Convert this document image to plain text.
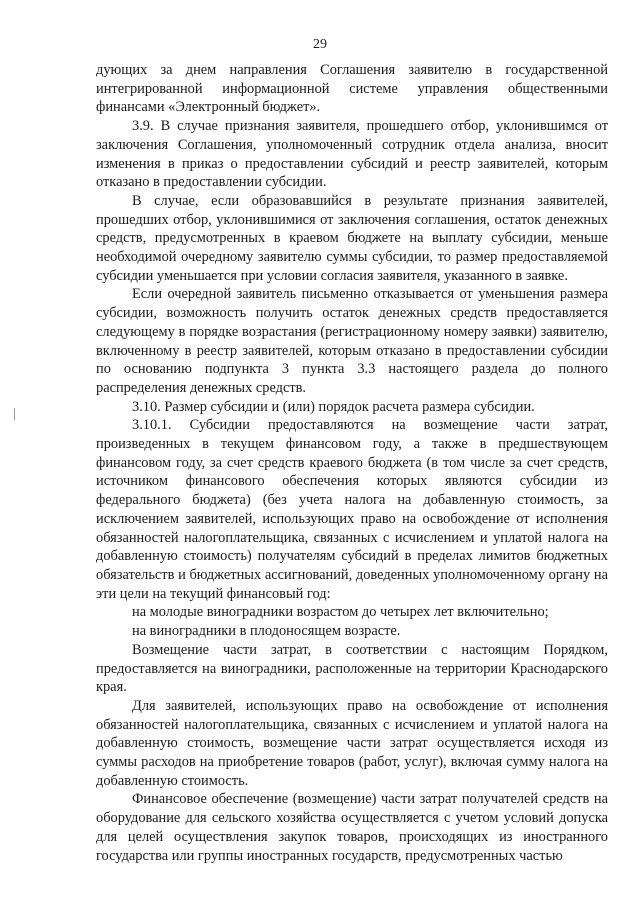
29

дующих за днем направления Соглашения заявителю в государственной интегрированной информационной системе управления общественными финансами «Электронный бюджет».

3.9. В случае признания заявителя, прошедшего отбор, уклонившимся от заключения Соглашения, уполномоченный сотрудник отдела анализа, вносит изменения в приказ о предоставлении субсидий и реестр заявителей, которым отказано в предоставлении субсидии.

В случае, если образовавшийся в результате признания заявителей, прошедших отбор, уклонившимися от заключения соглашения, остаток денежных средств, предусмотренных в краевом бюджете на выплату субсидии, меньше необходимой очередному заявителю суммы субсидии, то размер предоставляемой субсидии уменьшается при условии согласия заявителя, указанного в заявке.

Если очередной заявитель письменно отказывается от уменьшения размера субсидии, возможность получить остаток денежных средств предоставляется следующему в порядке возрастания (регистрационному номеру заявки) заявителю, включенному в реестр заявителей, которым отказано в предоставлении субсидии по основанию подпункта 3 пункта 3.3 настоящего раздела до полного распределения денежных средств.

3.10. Размер субсидии и (или) порядок расчета размера субсидии.

3.10.1. Субсидии предоставляются на возмещение части затрат, произведенных в текущем финансовом году, а также в предшествующем финансовом году, за счет средств краевого бюджета (в том числе за счет средств, источником финансового обеспечения которых являются субсидии из федерального бюджета) (без учета налога на добавленную стоимость, за исключением заявителей, использующих право на освобождение от исполнения обязанностей налогоплательщика, связанных с исчислением и уплатой налога на добавленную стоимость) получателям субсидий в пределах лимитов бюджетных обязательств и бюджетных ассигнований, доведенных уполномоченному органу на эти цели на текущий финансовый год:

на молодые виноградники возрастом до четырех лет включительно;

на виноградники в плодоносящем возрасте.

Возмещение части затрат, в соответствии с настоящим Порядком, предоставляется на виноградники, расположенные на территории Краснодарского края.

Для заявителей, использующих право на освобождение от исполнения обязанностей налогоплательщика, связанных с исчислением и уплатой налога на добавленную стоимость, возмещение части затрат осуществляется исходя из суммы расходов на приобретение товаров (работ, услуг), включая сумму налога на добавленную стоимость.

Финансовое обеспечение (возмещение) части затрат получателей средств на оборудование для сельского хозяйства осуществляется с учетом условий допуска для целей осуществления закупок товаров, происходящих из иностранного государства или группы иностранных государств, предусмотренных частью
